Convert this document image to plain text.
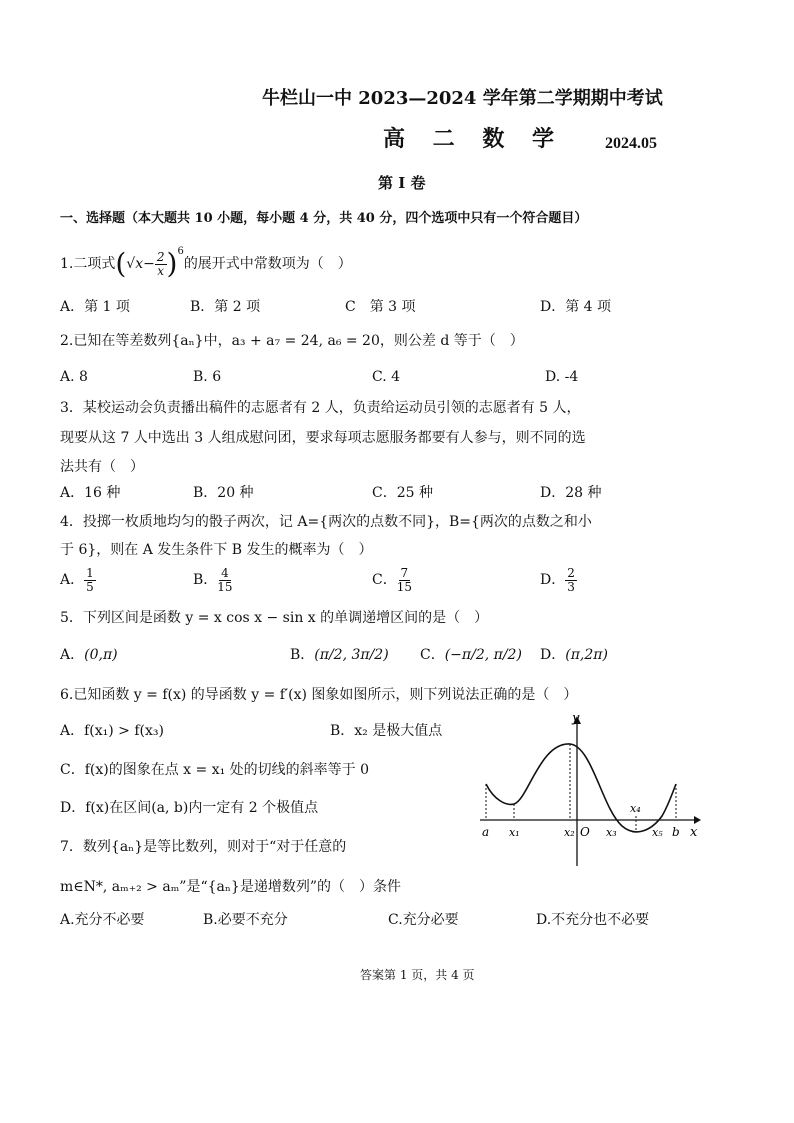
牛栏山一中 2023—2024 学年第二学期期中考试
高 二 数 学	2024.05
第 I 卷
一、选择题（本大题共 10 小题，每小题 4 分，共 40 分，四个选项中只有一个符合题目）
1.二项式 ( $√x - \frac{2}{x} )^6$
的展开式中常数项为（　）
A．第 1 项	B．第 2 项	C　第 3 项	D．第 4 项
2.已知在等差数列{aₙ}中，a₃ + a₇ = 24, a₆ = 20，则公差 d 等于（　）
A. 8	B. 6	C. 4	D. -4
3．某校运动会负责播出稿件的志愿者有 2 人，负责给运动员引领的志愿者有 5 人，
现要从这 7 人中选出 3 人组成慰问团，要求每项志愿服务都要有人参与，则不同的选
法共有（　）
A．16 种	B．20 种	C．25 种	D．28 种
4．投掷一枚质地均匀的骰子两次，记 A={两次的点数不同}，B={两次的点数之和小
于 6}，则在 A 发生条件下 B 发生的概率为（　）
A． $\frac{1}{5}$	B． $\frac{4}{15}$	C． $\frac{7}{15}$	D． $\frac{2}{3}$
5．下列区间是函数 y = x cos x − sin x 的单调递增区间的是（　）
A．(0,π)	B．(π/2, 3π/2) C．(−π/2, π/2) D．(π,2π)
6.已知函数 y = f(x) 的导函数 y = f′(x) 图象如图所示，则下列说法正确的是（　）
A．f(x₁) > f(x₃)	B．x₂ 是极大值点
C．f(x)的图象在点 x = x₁ 处的切线的斜率等于 0
D．f(x)在区间(a, b)内一定有 2 个极值点
y
x
a x₁	x₂ O x₃
x₄
x₅ b
7．数列{aₙ}是等比数列，则对于“对于任意的
m∈N*, aₘ₊₂ > aₘ”是“{aₙ}是递增数列”的（　）条件
A.充分不必要	B.必要不充分	C.充分必要	D.不充分也不必要
答案第 1 页，共 4 页
